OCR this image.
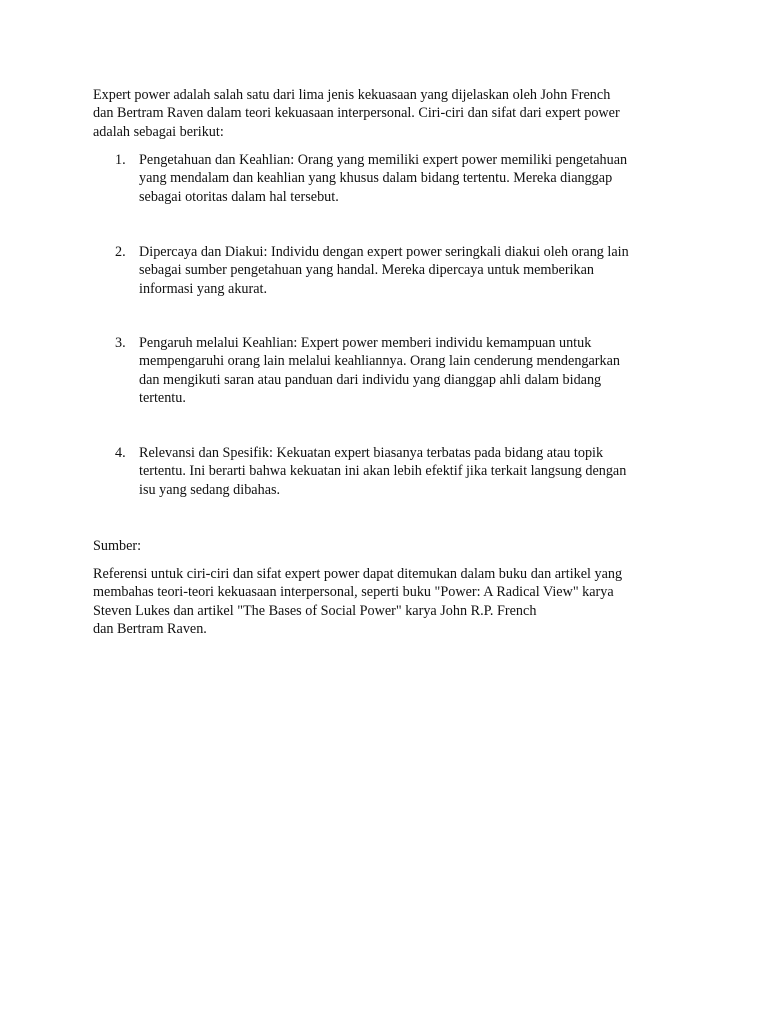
Expert power adalah salah satu dari lima jenis kekuasaan yang dijelaskan oleh John French
dan Bertram Raven dalam teori kekuasaan interpersonal. Ciri-ciri dan sifat dari expert power
adalah sebagai berikut:
1. Pengetahuan dan Keahlian: Orang yang memiliki expert power memiliki pengetahuan
yang mendalam dan keahlian yang khusus dalam bidang tertentu. Mereka dianggap
sebagai otoritas dalam hal tersebut.
2. Dipercaya dan Diakui: Individu dengan expert power seringkali diakui oleh orang lain
sebagai sumber pengetahuan yang handal. Mereka dipercaya untuk memberikan
informasi yang akurat.
3. Pengaruh melalui Keahlian: Expert power memberi individu kemampuan untuk
mempengaruhi orang lain melalui keahliannya. Orang lain cenderung mendengarkan
dan mengikuti saran atau panduan dari individu yang dianggap ahli dalam bidang
tertentu.
4. Relevansi dan Spesifik: Kekuatan expert biasanya terbatas pada bidang atau topik
tertentu. Ini berarti bahwa kekuatan ini akan lebih efektif jika terkait langsung dengan
isu yang sedang dibahas.
Sumber:
Referensi untuk ciri-ciri dan sifat expert power dapat ditemukan dalam buku dan artikel yang
membahas teori-teori kekuasaan interpersonal, seperti buku "Power: A Radical View" karya
Steven Lukes dan artikel "The Bases of Social Power" karya John R.P. French
dan Bertram Raven.
